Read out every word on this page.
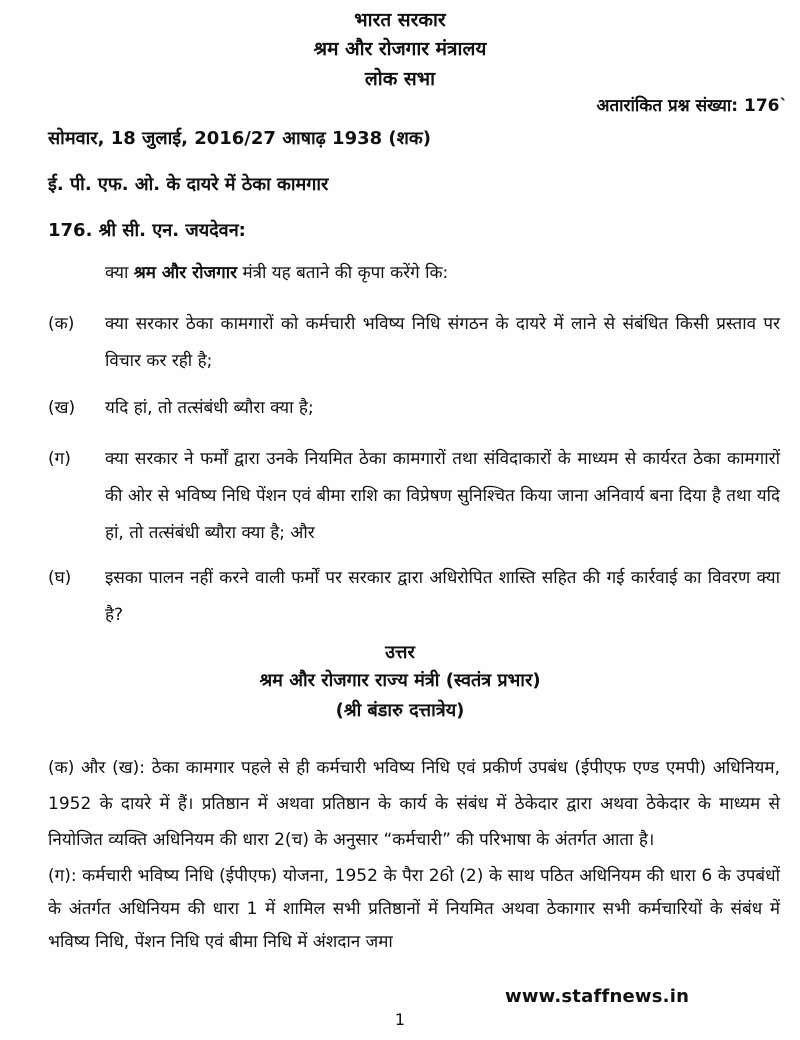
भारत सरकार
श्रम और रोजगार मंत्रालय
लोक सभा
अतारांकित प्रश्न संख्या: 176`
सोमवार, 18 जुलाई, 2016/27 आषाढ़ 1938 (शक)
ई. पी. एफ. ओ. के दायरे में ठेका कामगार
176. श्री सी. एन. जयदेवन:
क्या श्रम और रोजगार मंत्री यह बताने की कृपा करेंगे कि:
(क)	क्या सरकार ठेका कामगारों को कर्मचारी भविष्य निधि संगठन के दायरे में लाने से संबंधित किसी प्रस्ताव पर विचार कर रही है;
(ख)	यदि हां, तो तत्संबंधी ब्यौरा क्या है;
(ग)	क्या सरकार ने फर्मों द्वारा उनके नियमित ठेका कामगारों तथा संविदाकारों के माध्यम से कार्यरत ठेका कामगारों की ओर से भविष्य निधि पेंशन एवं बीमा राशि का विप्रेषण सुनिश्चित किया जाना अनिवार्य बना दिया है तथा यदि हां, तो तत्संबंधी ब्यौरा क्या है; और
(घ)	इसका पालन नहीं करने वाली फर्मों पर सरकार द्वारा अधिरोपित शास्ति सहित की गई कार्रवाई का विवरण क्या है?
उत्तर
श्रम और रोजगार राज्य मंत्री (स्वतंत्र प्रभार)
(श्री बंडारु दत्तात्रेय)
(क) और (ख): ठेका कामगार पहले से ही कर्मचारी भविष्य निधि एवं प्रकीर्ण उपबंध (ईपीएफ एण्ड एमपी) अधिनियम, 1952 के दायरे में हैं। प्रतिष्ठान में अथवा प्रतिष्ठान के कार्य के संबंध में ठेकेदार द्वारा अथवा ठेकेदार के माध्यम से नियोजित व्यक्ति अधिनियम की धारा 2(च) के अनुसार “कर्मचारी” की परिभाषा के अंतर्गत आता है।
(ग): कर्मचारी भविष्य निधि (ईपीएफ) योजना, 1952 के पैरा 26ो (2) के साथ पठित अधिनियम की धारा 6 के उपबंधों के अंतर्गत अधिनियम की धारा 1 में शामिल सभी प्रतिष्ठानों में नियमित अथवा ठेकागार सभी कर्मचारियों के संबंध में भविष्य निधि, पेंशन निधि एवं बीमा निधि में अंशदान जमा
www.staffnews.in
1
